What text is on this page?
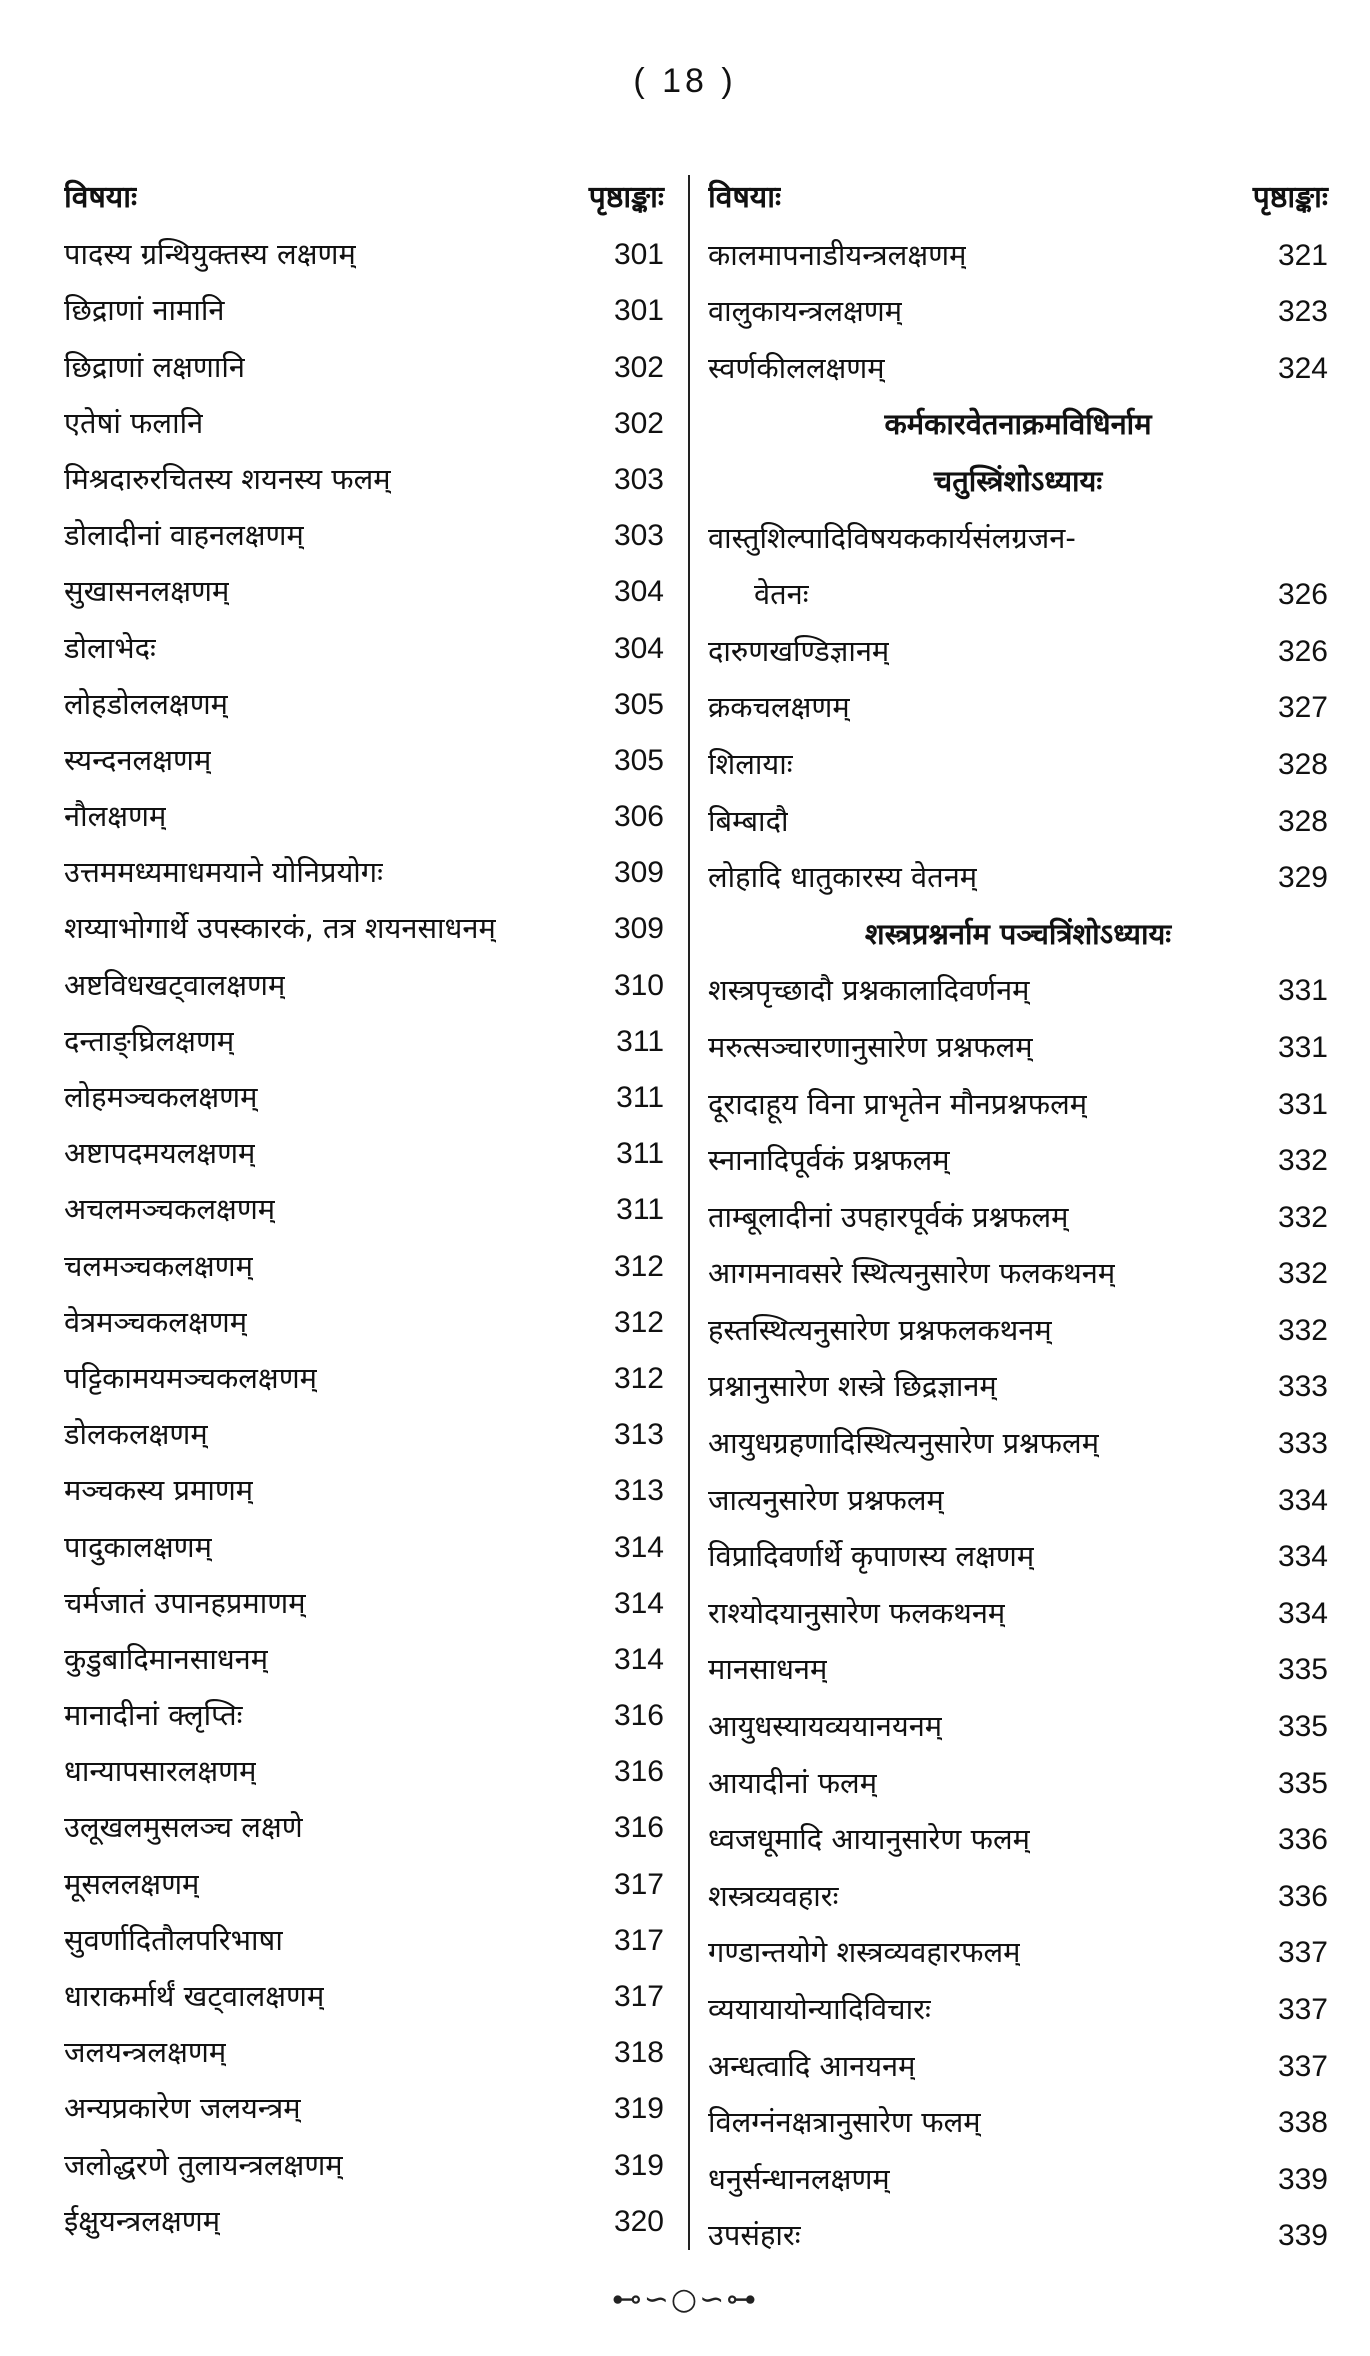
( 18 )
विषयाः	पृष्ठाङ्काः
पादस्य ग्रन्थियुक्तस्य लक्षणम्	301
छिद्राणां नामानि	301
छिद्राणां लक्षणानि	302
एतेषां फलानि	302
मिश्रदारुरचितस्य शयनस्य फलम्	303
डोलादीनां वाहनलक्षणम्	303
सुखासनलक्षणम्	304
डोलाभेदः	304
लोहडोललक्षणम्	305
स्यन्दनलक्षणम्	305
नौलक्षणम्	306
उत्तममध्यमाधमयाने योनिप्रयोगः	309
शय्याभोगार्थे उपस्कारकं, तत्र शयनसाधनम्	309
अष्टविधखट्वालक्षणम्	310
दन्ताङ्घ्रिलक्षणम्	311
लोहमञ्चकलक्षणम्	311
अष्टापदमयलक्षणम्	311
अचलमञ्चकलक्षणम्	311
चलमञ्चकलक्षणम्	312
वेत्रमञ्चकलक्षणम्	312
पट्टिकामयमञ्चकलक्षणम्	312
डोलकलक्षणम्	313
मञ्चकस्य प्रमाणम्	313
पादुकालक्षणम्	314
चर्मजातं उपानहप्रमाणम्	314
कुडुबादिमानसाधनम्	314
मानादीनां क्लृप्तिः	316
धान्यापसारलक्षणम्	316
उलूखलमुसलञ्च लक्षणे	316
मूसललक्षणम्	317
सुवर्णादितौलपरिभाषा	317
धाराकर्मार्थं खट्वालक्षणम्	317
जलयन्त्रलक्षणम्	318
अन्यप्रकारेण जलयन्त्रम्	319
जलोद्धरणे तुलायन्त्रलक्षणम्	319
ईक्षुयन्त्रलक्षणम्	320
विषयाः	पृष्ठाङ्काः
कालमापनाडीयन्त्रलक्षणम्	321
वालुकायन्त्रलक्षणम्	323
स्वर्णकीललक्षणम्	324
कर्मकारवेतनाक्रमविधिर्नाम
चतुस्त्रिंशोऽध्यायः
वास्तुशिल्पादिविषयककार्यसंलग्रजन-
वेतनः	326
दारुणखण्डिज्ञानम्	326
क्रकचलक्षणम्	327
शिलायाः	328
बिम्बादौ	328
लोहादि धातुकारस्य वेतनम्	329
शस्त्रप्रश्नर्नाम पञ्चत्रिंशोऽध्यायः
शस्त्रपृच्छादौ प्रश्नकालादिवर्णनम्	331
मरुत्सञ्चारणानुसारेण प्रश्नफलम्	331
दूरादाहूय विना प्राभृतेन मौनप्रश्नफलम्	331
स्नानादिपूर्वकं प्रश्नफलम्	332
ताम्बूलादीनां उपहारपूर्वकं प्रश्नफलम्	332
आगमनावसरे स्थित्यनुसारेण फलकथनम्	332
हस्तस्थित्यनुसारेण प्रश्नफलकथनम्	332
प्रश्नानुसारेण शस्त्रे छिद्रज्ञानम्	333
आयुधग्रहणादिस्थित्यनुसारेण प्रश्नफलम्	333
जात्यनुसारेण प्रश्नफलम्	334
विप्रादिवर्णार्थे कृपाणस्य लक्षणम्	334
राश्योदयानुसारेण फलकथनम्	334
मानसाधनम्	335
आयुधस्यायव्ययानयनम्	335
आयादीनां फलम्	335
ध्वजधूमादि आयानुसारेण फलम्	336
शस्त्रव्यवहारः	336
गण्डान्तयोगे शस्त्रव्यवहारफलम्	337
व्ययायायोन्यादिविचारः	337
अन्धत्वादि आनयनम्	337
विलग्नंनक्षत्रानुसारेण फलम्	338
धनुर्सन्धानलक्षणम्	339
उपसंहारः	339
⊷∽○∽⊶
